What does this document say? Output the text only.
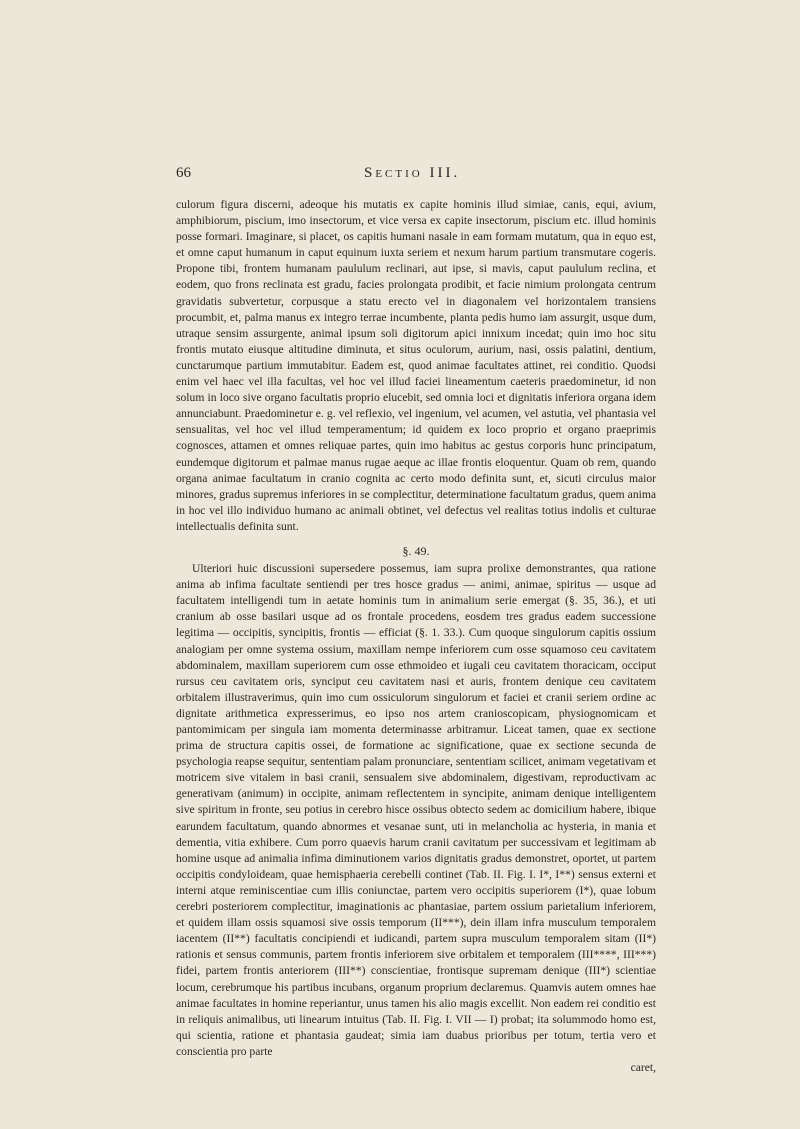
66	Sectio III.

culorum figura discerni, adeoque his mutatis ex capite hominis illud simiae, canis, equi, avium, amphibiorum, piscium, imo insectorum, et vice versa ex capite insectorum, piscium etc. illud hominis posse formari. Imaginare, si placet, os capitis humani nasale in eam formam mutatum, qua in equo est, et omne caput humanum in caput equinum iuxta seriem et nexum harum partium transmutare cogeris. Propone tibi, frontem humanam paululum reclinari, aut ipse, si mavis, caput paululum reclina, et eodem, quo frons reclinata est gradu, facies prolongata prodibit, et facie nimium prolongata centrum gravidatis subvertetur, corpusque a statu erecto vel in diagonalem vel horizontalem transiens procumbit, et, palma manus ex integro terrae incumbente, planta pedis humo iam assurgit, usque dum, utraque sensim assurgente, animal ipsum soli digitorum apici innixum incedat; quin imo hoc situ frontis mutato eiusque altitudine diminuta, et situs oculorum, aurium, nasi, ossis palatini, dentium, cunctarumque partium immutabitur. Eadem est, quod animae facultates attinet, rei conditio. Quodsi enim vel haec vel illa facultas, vel hoc vel illud faciei lineamentum caeteris praedominetur, id non solum in loco sive organo facultatis proprio elucebit, sed omnia loci et dignitatis inferiora organa idem annunciabunt. Praedominetur e. g. vel reflexio, vel ingenium, vel acumen, vel astutia, vel phantasia vel sensualitas, vel hoc vel illud temperamentum; id quidem ex loco proprio et organo praeprimis cognosces, attamen et omnes reliquae partes, quin imo habitus ac gestus corporis hunc principatum, eundemque digitorum et palmae manus rugae aeque ac illae frontis eloquentur. Quam ob rem, quando organa animae facultatum in cranio cognita ac certo modo definita sunt, et, sicuti circulus maior minores, gradus supremus inferiores in se complectitur, determinatione facultatum gradus, quem anima in hoc vel illo individuo humano ac animali obtinet, vel defectus vel realitas totius indolis et culturae intellectualis definita sunt.

§. 49.

Ulteriori huic discussioni supersedere possemus, iam supra prolixe demonstrantes, qua ratione anima ab infima facultate sentiendi per tres hosce gradus — animi, animae, spiritus — usque ad facultatem intelligendi tum in aetate hominis tum in animalium serie emergat (§. 35, 36.), et uti cranium ab osse basilari usque ad os frontale procedens, eosdem tres gradus eadem successione legitima — occipitis, syncipitis, frontis — efficiat (§. 1. 33.). Cum quoque singulorum capitis ossium analogiam per omne systema ossium, maxillam nempe inferiorem cum osse squamoso ceu cavitatem abdominalem, maxillam superiorem cum osse ethmoideo et iugali ceu cavitatem thoracicam, occiput rursus ceu cavitatem oris, synciput ceu cavitatem nasi et auris, frontem denique ceu cavitatem orbitalem illustraverimus, quin imo cum ossiculorum singulorum et faciei et cranii seriem ordine ac dignitate arithmetica expresserimus, eo ipso nos artem cranioscopicam, physiognomicam et pantomimicam per singula iam momenta determinasse arbitramur. Liceat tamen, quae ex sectione prima de structura capitis ossei, de formatione ac significatione, quae ex sectione secunda de psychologia reapse sequitur, sententiam palam pronunciare, sententiam scilicet, animam vegetativam et motricem sive vitalem in basi cranii, sensualem sive abdominalem, digestivam, reproductivam ac generativam (animum) in occipite, animam reflectentem in syncipite, animam denique intelligentem sive spiritum in fronte, seu potius in cerebro hisce ossibus obtecto sedem ac domicilium habere, ibique earundem facultatum, quando abnormes et vesanae sunt, uti in melancholia ac hysteria, in mania et dementia, vitia exhibere. Cum porro quaevis harum cranii cavitatum per successivam et legitimam ab homine usque ad animalia infima diminutionem varios dignitatis gradus demonstret, oportet, ut partem occipitis condyloideam, quae hemisphaeria cerebelli continet (Tab. II. Fig. I. I*, I**) sensus externi et interni atque reminiscentiae cum illis coniunctae, partem vero occipitis superiorem (I*), quae lobum cerebri posteriorem complectitur, imaginationis ac phantasiae, partem ossium parietalium inferiorem, et quidem illam ossis squamosi sive ossis temporum (II***), dein illam infra musculum temporalem iacentem (II**) facultatis concipiendi et iudicandi, partem supra musculum temporalem sitam (II*) rationis et sensus communis, partem frontis inferiorem sive orbitalem et temporalem (III****, III***) fidei, partem frontis anteriorem (III**) conscientiae, frontisque supremam denique (III*) scientiae locum, cerebrumque his partibus incubans, organum proprium declaremus. Quamvis autem omnes hae animae facultates in homine reperiantur, unus tamen his alio magis excellit. Non eadem rei conditio est in reliquis animalibus, uti linearum intuitus (Tab. II. Fig. I. VII — I) probat; ita solummodo homo est, qui scientia, ratione et phantasia gaudeat; simia iam duabus prioribus per totum, tertia vero et conscientia pro parte

caret,
